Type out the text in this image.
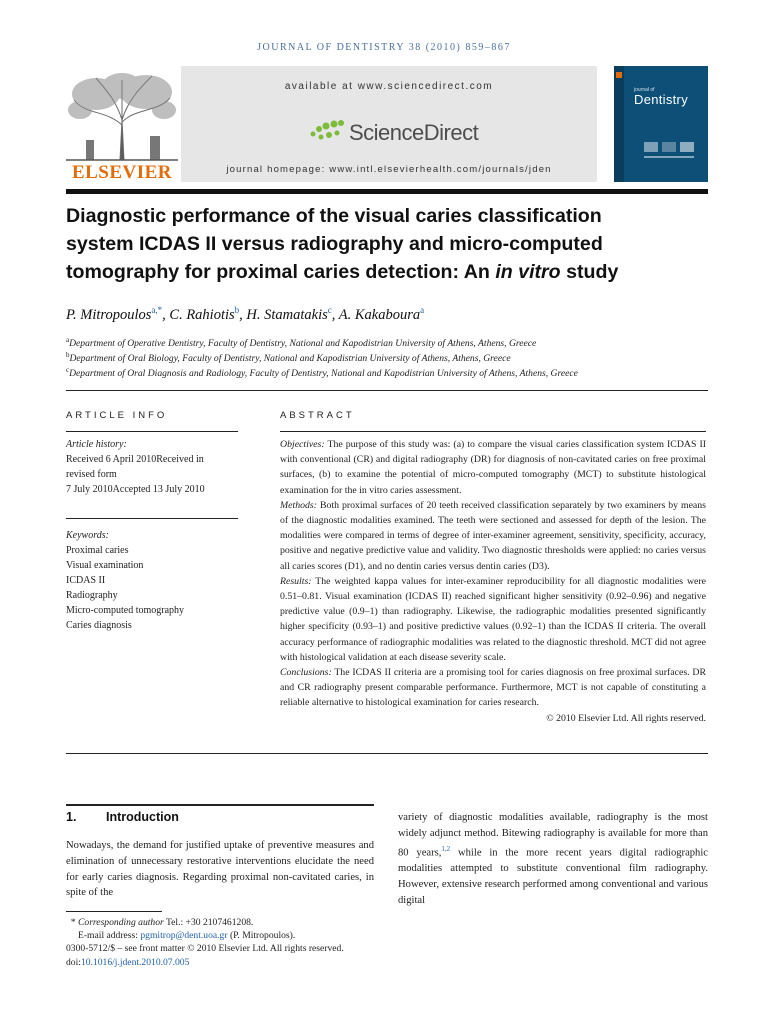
JOURNAL OF DENTISTRY 38 (2010) 859–867
ELSEVIER
available at www.sciencedirect.com
ScienceDirect
journal homepage: www.intl.elsevierhealth.com/journals/jden
journal of
Dentistry
Diagnostic performance of the visual caries classification
system ICDAS II versus radiography and micro-computed
tomography for proximal caries detection: An in vitro study
P. Mitropoulos$^{a,*}$, C. Rahiotis$^b$, H. Stamatakis$^c$, A. Kakaboura$^a$
$^a$Department of Operative Dentistry, Faculty of Dentistry, National and Kapodistrian University of Athens, Athens, Greece
$^b$Department of Oral Biology, Faculty of Dentistry, National and Kapodistrian University of Athens, Athens, Greece
$^c$Department of Oral Diagnosis and Radiology, Faculty of Dentistry, National and Kapodistrian University of Athens, Athens, Greece
ARTICLE INFO
Article history:
Received 6 April 2010Received in
revised form
7 July 2010Accepted 13 July 2010
Keywords:
Proximal caries
Visual examination
ICDAS II
Radiography
Micro-computed tomography
Caries diagnosis
ABSTRACT

Objectives: The purpose of this study was: (a) to compare the visual caries classification system ICDAS II with conventional (CR) and digital radiography (DR) for diagnosis of non-cavitated caries on free proximal surfaces, (b) to examine the potential of micro-computed tomography (MCT) to substitute histological examination for the in vitro caries assessment.

Methods: Both proximal surfaces of 20 teeth received classification separately by two examiners by means of the diagnostic modalities examined. The teeth were sectioned and assessed for depth of the lesion. The modalities were compared in terms of degree of inter-examiner agreement, sensitivity, specificity, accuracy, positive and negative predictive value and validity. Two diagnostic thresholds were applied: no caries versus all caries scores (D1), and no dentin caries versus dentin caries (D3).

Results: The weighted kappa values for inter-examiner reproducibility for all diagnostic modalities were 0.51–0.81. Visual examination (ICDAS II) reached significant higher sensitivity (0.92–0.96) and negative predictive value (0.9–1) than radiography. Likewise, the radiographic modalities presented significantly higher specificity (0.93–1) and positive predictive values (0.92–1) than the ICDAS II criteria. The overall accuracy performance of radiographic modalities was related to the diagnostic threshold. MCT did not agree with histological validation at each disease severity scale.

Conclusions: The ICDAS II criteria are a promising tool for caries diagnosis on free proximal surfaces. DR and CR radiography present comparable performance. Furthermore, MCT is not capable of constituting a reliable alternative to histological examination for caries research.

© 2010 Elsevier Ltd. All rights reserved.

1. Introduction
Nowadays, the demand for justified uptake of preventive measures and elimination of unnecessary restorative interventions elucidate the need for early caries diagnosis. Regarding proximal non-cavitated caries, in spite of the
variety of diagnostic modalities available, radiography is the most widely adjunct method. Bitewing radiography is available for more than 80 years,$^{1,2}$ while in the more recent years digital radiographic modalities attempted to substitute conventional film radiography. However, extensive research performed among conventional and various digital

* Corresponding author Tel.: +30 2107461208.

E-mail address: pgmitrop@dent.uoa.gr (P. Mitropoulos).

0300-5712/$ – see front matter © 2010 Elsevier Ltd. All rights reserved.

doi:10.1016/j.jdent.2010.07.005
